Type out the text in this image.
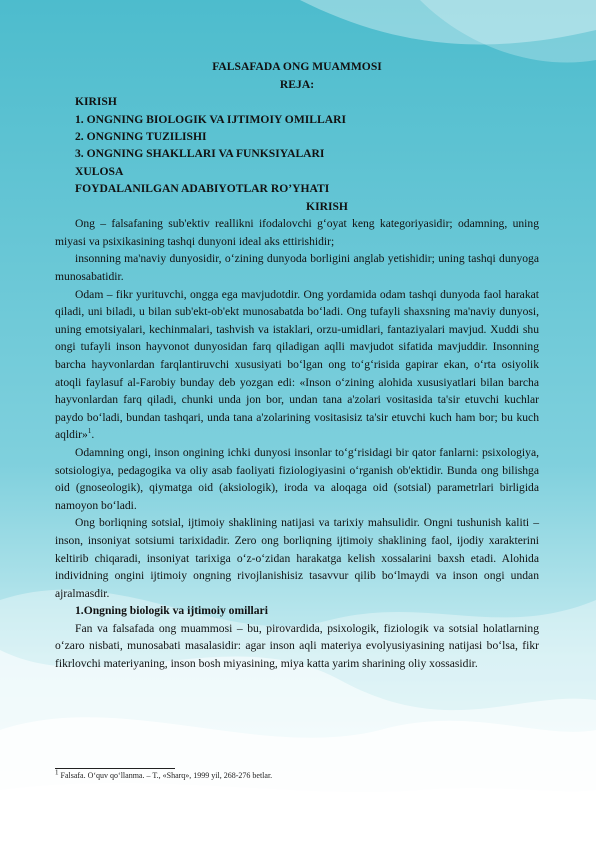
FALSAFADA ONG MUAMMOSI
REJA:
KIRISH
1. ONGNING BIOLOGIK VA IJTIMOIY OMILLARI
2. ONGNING TUZILISHI
3. ONGNING SHAKLLARI VA FUNKSIYALARI
XULOSA
FOYDALANILGAN ADABIYOTLAR RO’YHATI
KIRISH

Ong – falsafaning sub'ektiv reallikni ifodalovchi g‘oyat keng kategoriyasidir; odamning, uning miyasi va psixikasining tashqi dunyoni ideal aks ettirishidir;

insonning ma'naviy dunyosidir, o‘zining dunyoda borligini anglab yetishidir; uning tashqi dunyoga munosabatidir.

Odam – fikr yurituvchi, ongga ega mavjudotdir. Ong yordamida odam tashqi dunyoda faol harakat qiladi, uni biladi, u bilan sub'ekt-ob'ekt munosabatda bo‘ladi. Ong tufayli shaxsning ma'naviy dunyosi, uning emotsiyalari, kechinmalari, tashvish va istaklari, orzu-umidlari, fantaziyalari mavjud. Xuddi shu ongi tufayli inson hayvonot dunyosidan farq qiladigan aqlli mavjudot sifatida mavjuddir. Insonning barcha hayvonlardan farqlantiruvchi xususiyati bo‘lgan ong to‘g‘risida gapirar ekan, o‘rta osiyolik atoqli faylasuf al-Farobiy bunday deb yozgan edi: «Inson o‘zining alohida xususiyatlari bilan barcha hayvonlardan farq qiladi, chunki unda jon bor, undan tana a'zolari vositasida ta'sir etuvchi kuchlar paydo bo‘ladi, bundan tashqari, unda tana a'zolarining vositasisiz ta'sir etuvchi kuch ham bor; bu kuch aqldir»$^1$.

Odamning ongi, inson ongining ichki dunyosi insonlar to‘g‘risidagi bir qator fanlarni: psixologiya, sotsiologiya, pedagogika va oliy asab faoliyati fiziologiyasini o‘rganish ob'ektidir. Bunda ong bilishga oid (gnoseologik), qiymatga oid (aksiologik), iroda va aloqaga oid (sotsial) parametrlari birligida namoyon bo‘ladi.

Ong borliqning sotsial, ijtimoiy shaklining natijasi va tarixiy mahsulidir. Ongni tushunish kaliti – inson, insoniyat sotsiumi tarixidadir. Zero ong borliqning ijtimoiy shaklining faol, ijodiy xarakterini keltirib chiqaradi, insoniyat tarixiga o‘z-o‘zidan harakatga kelish xossalarini baxsh etadi. Alohida individning ongini ijtimoiy ongning rivojlanishisiz tasavvur qilib bo‘lmaydi va inson ongi undan ajralmasdir.

1.Ongning biologik va ijtimoiy omillari

Fan va falsafada ong muammosi – bu, pirovardida, psixologik, fiziologik va sotsial holatlarning o‘zaro nisbati, munosabati masalasidir: agar inson aqli materiya evolyusiyasining natijasi bo‘lsa, fikr fikrlovchi materiyaning, inson bosh miyasining, miya katta yarim sharining oliy xossasidir.

$^1$ Falsafa. O‘quv qo‘llanma. – T., «Sharq», 1999 yil, 268-276 betlar.
